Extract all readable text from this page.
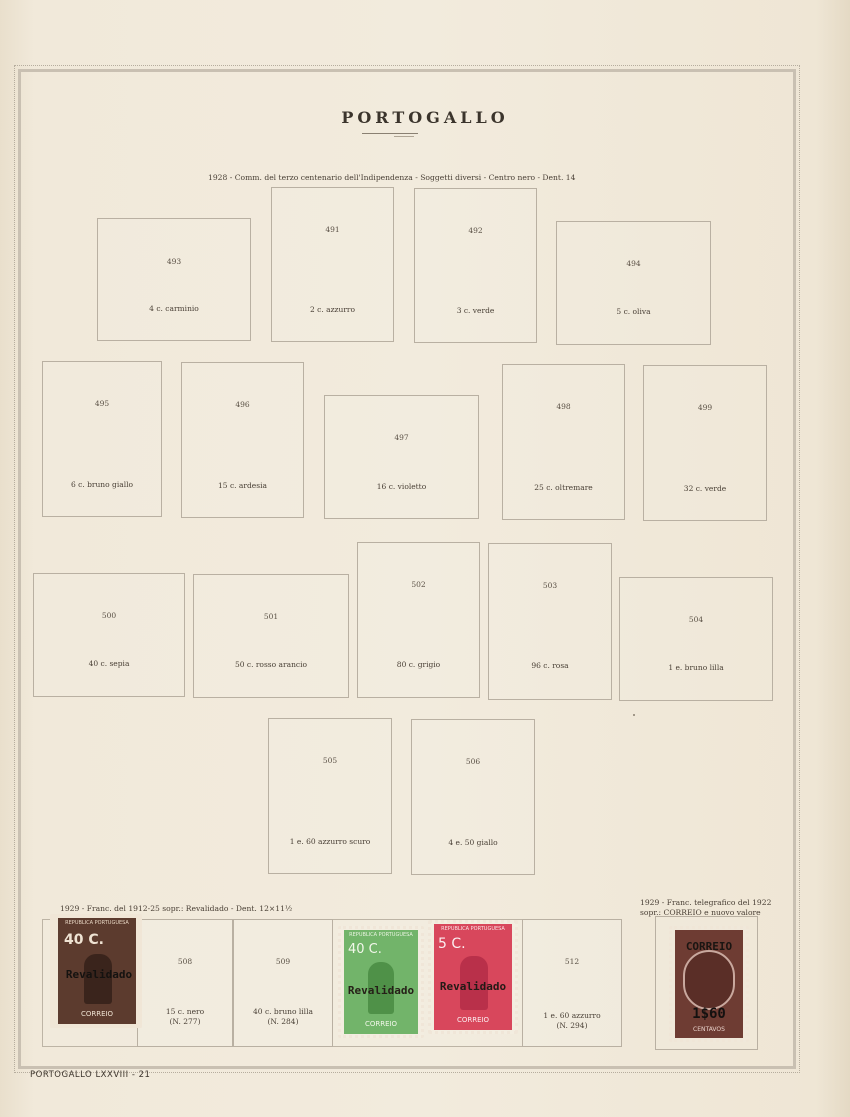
PORTOGALLO
1928 - Comm. del terzo centenario dell'Indipendenza - Soggetti diversi - Centro nero - Dent. 14
493
4 c. carminio
491
2 c. azzurro
492
3 c. verde
494
5 c. oliva
495
6 c. bruno giallo
496
15 c. ardesia
497
16 c. violetto
498
25 c. oltremare
499
32 c. verde
500
40 c. sepia
501
50 c. rosso arancio
502
80 c. grigio
503
96 c. rosa
504
1 e. bruno lilla
505
1 e. 60 azzurro scuro
506
4 e. 50 giallo
1929 - Franc. del 1912-25 sopr.: Revalidado - Dent. 12×11½
1929 - Franc. telegrafico del 1922
sopr.: CORREIO e nuovo valore
508
15 c. nero
(N. 277)
509
40 c. bruno lilla
(N. 284)
512
1 e. 60 azzurro
(N. 294)
REPUBLICA PORTUGUESA
40 C.
Revalidado
CORREIO
REPUBLICA PORTUGUESA
40 C.
Revalidado
CORREIO
REPUBLICA PORTUGUESA
5 C.
Revalidado
CORREIO
CORREIO
1$60
CENTAVOS
PORTOGALLO LXXVIII - 21
